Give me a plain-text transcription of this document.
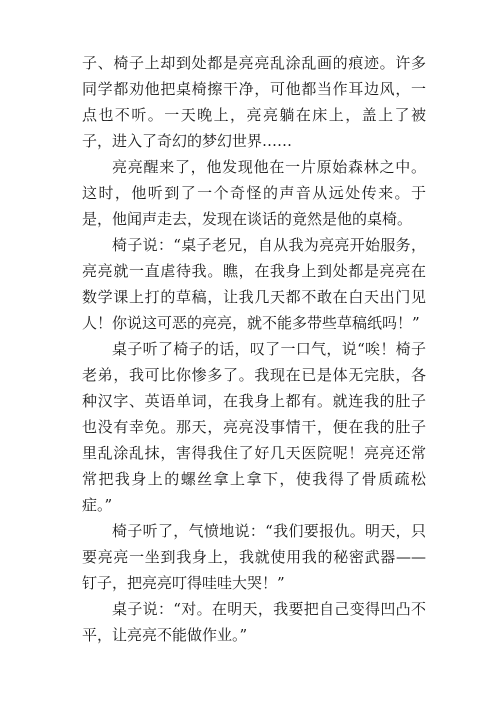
子、椅子上却到处都是亮亮乱涂乱画的痕迹。许多同学都劝他把桌椅擦干净，可他都当作耳边风，一点也不听。一天晚上，亮亮躺在床上，盖上了被子，进入了奇幻的梦幻世界……

亮亮醒来了，他发现他在一片原始森林之中。这时，他听到了一个奇怪的声音从远处传来。于是，他闻声走去，发现在谈话的竟然是他的桌椅。

椅子说：“桌子老兄，自从我为亮亮开始服务，亮亮就一直虐待我。瞧，在我身上到处都是亮亮在数学课上打的草稿，让我几天都不敢在白天出门见人！你说这可恶的亮亮，就不能多带些草稿纸吗！”

桌子听了椅子的话，叹了一口气，说“唉！椅子老弟，我可比你惨多了。我现在已是体无完肤，各种汉字、英语单词，在我身上都有。就连我的肚子也没有幸免。那天，亮亮没事情干，便在我的肚子里乱涂乱抹，害得我住了好几天医院呢！亮亮还常常把我身上的螺丝拿上拿下，使我得了骨质疏松症。”

椅子听了，气愤地说：“我们要报仇。明天，只要亮亮一坐到我身上，我就使用我的秘密武器——钉子，把亮亮叮得哇哇大哭！”

桌子说：“对。在明天，我要把自己变得凹凸不平，让亮亮不能做作业。”
